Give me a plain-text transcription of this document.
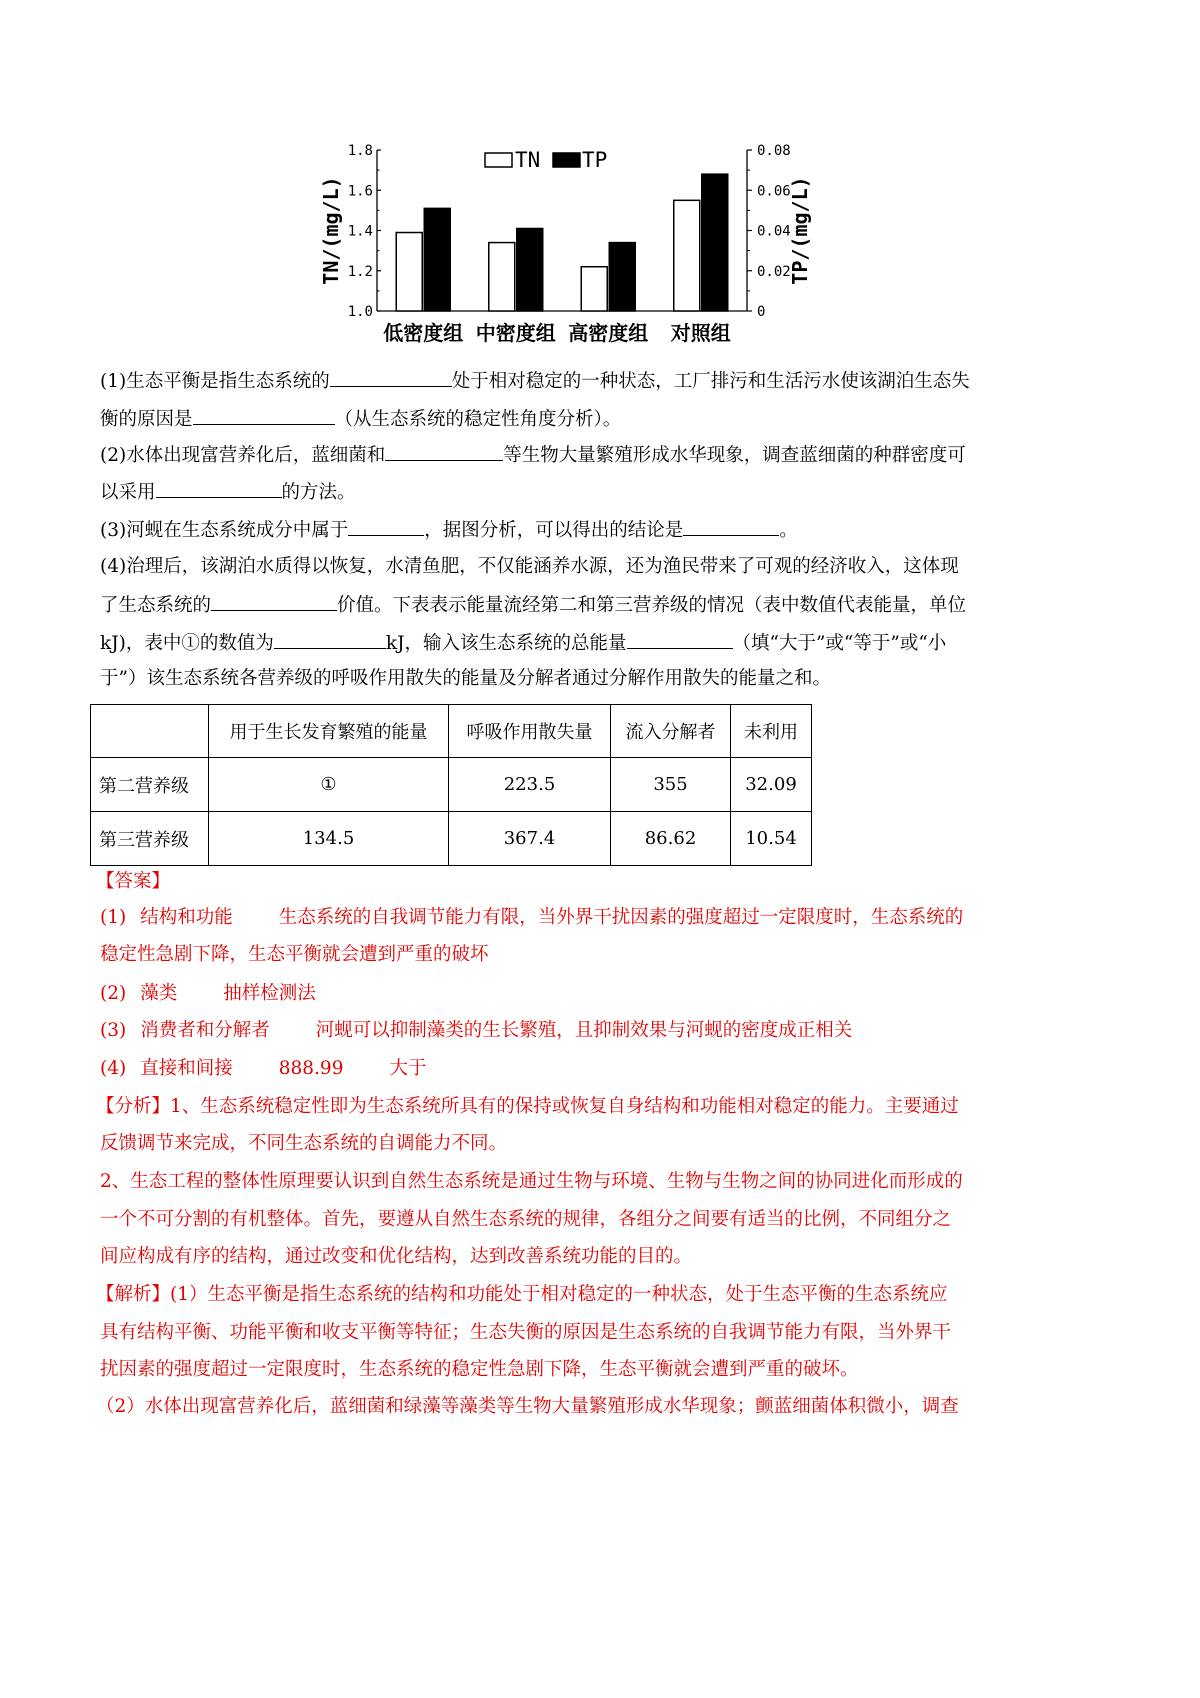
1.0
1.2
1.4
1.6
1.8
0
0.02
0.04
0.06
0.08
低密度组 中密度组 高密度组 对照组
TN TP
TN/(mg/L)	TP/(mg/L)
(1)生态平衡是指生态系统的	处于相对稳定的一种状态，工厂排污和生活污水使该湖泊生态失
衡的原因是	（从生态系统的稳定性角度分析）。
(2)水体出现富营养化后，蓝细菌和	等生物大量繁殖形成水华现象，调查蓝细菌的种群密度可
以采用	的方法。
(3)河蚬在生态系统成分中属于	，据图分析，可以得出的结论是	。
(4)治理后，该湖泊水质得以恢复，水清鱼肥，不仅能涵养水源，还为渔民带来了可观的经济收入，这体现
了生态系统的	价值。下表表示能量流经第二和第三营养级的情况（表中数值代表能量，单位
kJ)，表中①的数值为	kJ，输入该生态系统的总能量	（填“大于”或“等于”或“小
于”）该生态系统各营养级的呼吸作用散失的能量及分解者通过分解作用散失的能量之和。
	用于生长发育繁殖的能量	呼吸作用散失量	流入分解者	未利用
第二营养级	①	223.5	355	32.09
第三营养级	134.5	367.4	86.62	10.54
【答案】
(1) 结构和功能 生态系统的自我调节能力有限，当外界干扰因素的强度超过一定限度时，生态系统的
稳定性急剧下降，生态平衡就会遭到严重的破坏
(2) 藻类 抽样检测法
(3) 消费者和分解者 河蚬可以抑制藻类的生长繁殖，且抑制效果与河蚬的密度成正相关
(4) 直接和间接 888.99 大于
【分析】1、生态系统稳定性即为生态系统所具有的保持或恢复自身结构和功能相对稳定的能力。主要通过
反馈调节来完成，不同生态系统的自调能力不同。
2、生态工程的整体性原理要认识到自然生态系统是通过生物与环境、生物与生物之间的协同进化而形成的
一个不可分割的有机整体。首先，要遵从自然生态系统的规律，各组分之间要有适当的比例，不同组分之
间应构成有序的结构，通过改变和优化结构，达到改善系统功能的目的。
【解析】(1）生态平衡是指生态系统的结构和功能处于相对稳定的一种状态，处于生态平衡的生态系统应
具有结构平衡、功能平衡和收支平衡等特征；生态失衡的原因是生态系统的自我调节能力有限，当外界干
扰因素的强度超过一定限度时，生态系统的稳定性急剧下降，生态平衡就会遭到严重的破坏。
（2）水体出现富营养化后，蓝细菌和绿藻等藻类等生物大量繁殖形成水华现象；颤蓝细菌体积微小，调查
